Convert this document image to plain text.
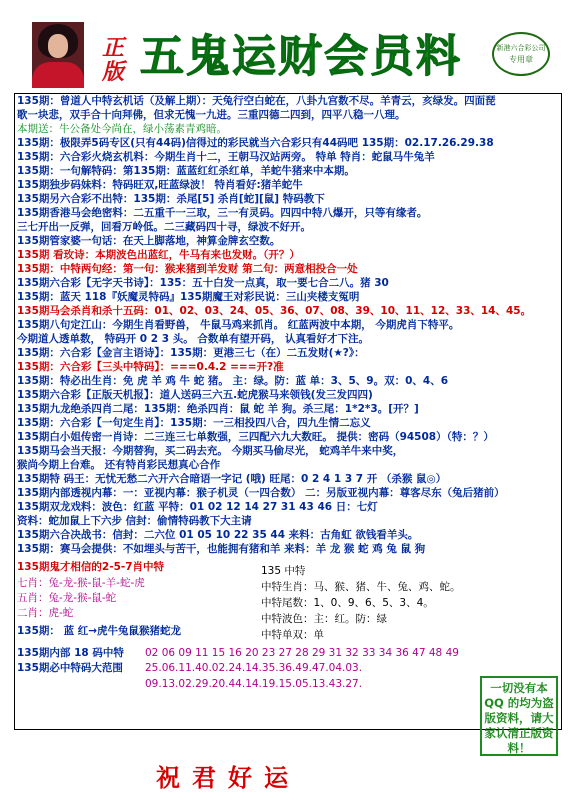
正版 五鬼运财会员料	新港六合彩公司
专用章
135期：曾道人中特玄机话（及解上期）：天兔行空白蛇在，八卦九宫数不尽。羊青云，亥绿发。四面琵
歌一块悲，双手合十向拜佛，但求无愧一九进。三重四德二四到，四平八稳一八理。
本期送：牛公备处今尚在，绿小荡素青鸡暗。
135期：极限弄5码专区(只有44码)信得过的彩民就当六合彩只有44码吧 135期：02.17.26.29.38
135期：六合彩火烧玄机料：今期生肖十二，王朝马汉站两旁。 特单 特肖：蛇鼠马牛兔羊
135期：一句解特码：第135期：蓝蓝红红杀红单，羊蛇牛猪来中本期。
135期独步码妹料：特码旺双,旺蓝绿波！ 特肖看好:猪羊蛇牛
135期另六合彩不出特：135期：杀尾[5] 杀肖[蛇][鼠] 特码教下
135期香港马会绝密料：二五重千一三取，三一有灵码。四四中特八爆开，只等有缘者。
三七开出一反弹，回看万岭低。二三藏码四十寻，绿波不好开。
135期管家婆一句话：在天上脚落地，神算金牌玄空数。
135期 看玫诗：本期波色出蓝红，牛马有来也发财。（开？）
135期：中特两句经：第一句：猴来猪到羊发财 第二句：两意相投合一处
135期六合彩【无字天书诗】：135：五十白发一点真，取一要七合二八。猪 30
135期：蓝天 118『妖魔灵特码』135期魔王对彩民说：三山夹楼支冤明
135期马会杀肖和杀十五码：01、02、03、24、05、36、07、08、39、10、11、12、33、14、45。
135期八句定江山：今期生肖看野兽， 牛鼠马鸡来抓肖。 红蓝两波中本期， 今期虎肖下特平。
今期道人透单数， 特码开 0 2 3 头。 合数单有望开码， 认真看好才下注。
135期：六合彩【金言主语诗】：135期：更港三七（在）二五发财(★?》：
135期：六合彩【三头中特码】：===0.4.2 ===开?准
135期：特必出生肖：免 虎 羊 鸡 牛 蛇 猪。 主：绿。防：蓝 单：3、5、9。双：0、4、6
135期六合彩【正版天机报】：道人送码三六五.蛇虎猴马来领钱(发三发四四)
135期九龙绝杀四肖二尾：135期：绝杀四肖：鼠 蛇 羊 狗。杀三尾：1*2*3。[开？]
135期：六合彩【一句定生肖】：135期：一三相投四八合，四九生情二忘义
135期白小姐传密一肖诗：二三连三七单数强，三四配六九大数旺。 提供：密码（94508）（特：？）
135期马会当天报：今期替狗，买二码去充。 今期买马偷尽光， 蛇鸡羊牛来中奖，
猴尚今期上台难。 还有特肖彩民想真心合作
135期特 码王：无忧无愁二六开六合暗语一字记 (哦) 旺尾：0 2 4 1 3 7 开 （杀猴 鼠◎）
135期内部透视内幕：一：亚视内幕：猴子机灵（一四合数） 二：另版亚视内幕：尊客尽东（兔后猪前）
135期双龙戏料：波色：红蓝 平特：01 02 12 14 27 31 43 46 日：七灯
资料：蛇加鼠上下六步 信封：偷情特码教下大主请
135期六合决战书：信封：二六位 01 05 10 22 35 44 来料：古角虹 欲钱看羊头。
135期：赛马会提供：不如埋头与苦干，也能拥有猪和羊 来料：羊 龙 猴 蛇 鸡 兔 鼠 狗
135期鬼才相信的2-5-7肖中特
七肖：兔-龙-猴-鼠-羊-蛇-虎
五肖：兔-龙-猴-鼠-蛇
二肖：虎-蛇
135期： 蓝 红→虎牛兔鼠猴猪蛇龙
135 中特
中特生肖：马、猴、猪、牛、兔、鸡、蛇。
中特尾数：1、0、9、6、5、3、4。
中特波色：主：红。防：绿
中特单双：单
135期内部 18 码中特 02 06 09 11 15 16 20 23 27 28 29 31 32 33 34 36 47 48 49
135期必中特码大范围 25.06.11.40.02.24.14.35.36.49.47.04.03.
09.13.02.29.20.44.14.19.15.05.13.43.27.	一切没有本
QQ 的均为盗
版资料，请大
家认清正版资
料！
祝君好运
